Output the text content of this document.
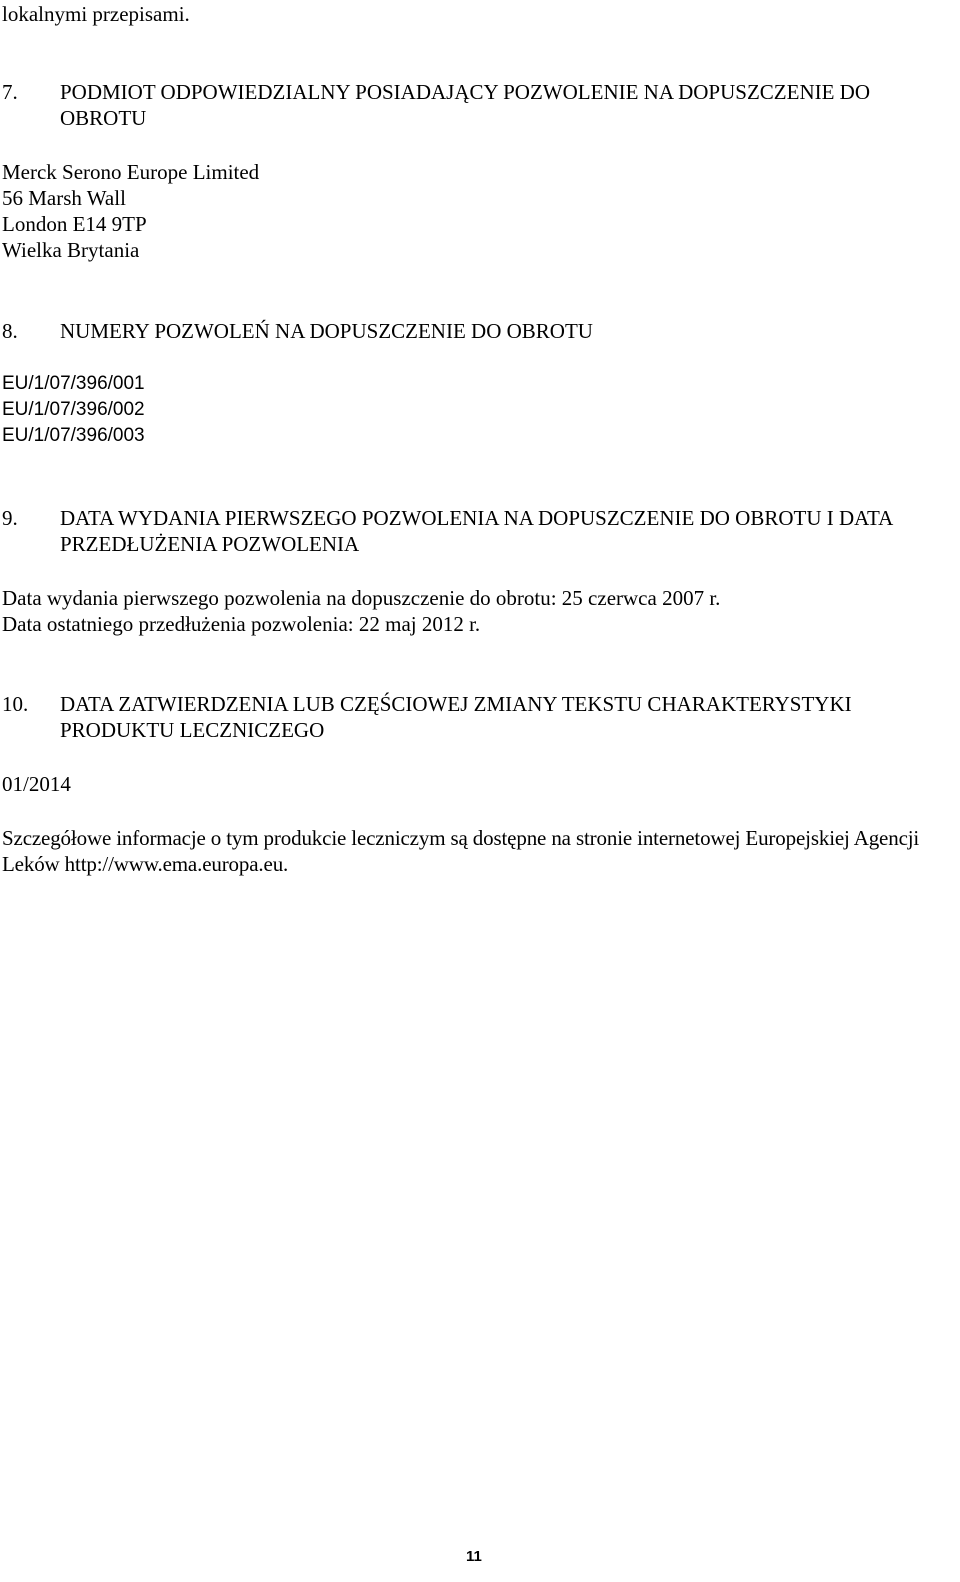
lokalnymi przepisami.
7. PODMIOT ODPOWIEDZIALNY POSIADAJĄCY POZWOLENIE NA DOPUSZCZENIE DO OBROTU
Merck Serono Europe Limited
56 Marsh Wall
London E14 9TP
Wielka Brytania
8. NUMERY POZWOLEŃ NA DOPUSZCZENIE DO OBROTU
EU/1/07/396/001
EU/1/07/396/002
EU/1/07/396/003
9. DATA WYDANIA PIERWSZEGO POZWOLENIA NA DOPUSZCZENIE DO OBROTU I DATA PRZEDŁUŻENIA POZWOLENIA
Data wydania pierwszego pozwolenia na dopuszczenie do obrotu: 25 czerwca 2007 r.
Data ostatniego przedłużenia pozwolenia: 22 maj 2012 r.
10. DATA ZATWIERDZENIA LUB CZĘŚCIOWEJ ZMIANY TEKSTU CHARAKTERYSTYKI PRODUKTU LECZNICZEGO
01/2014
Szczegółowe informacje o tym produkcie leczniczym są dostępne na stronie internetowej Europejskiej Agencji Leków http://www.ema.europa.eu.
11
